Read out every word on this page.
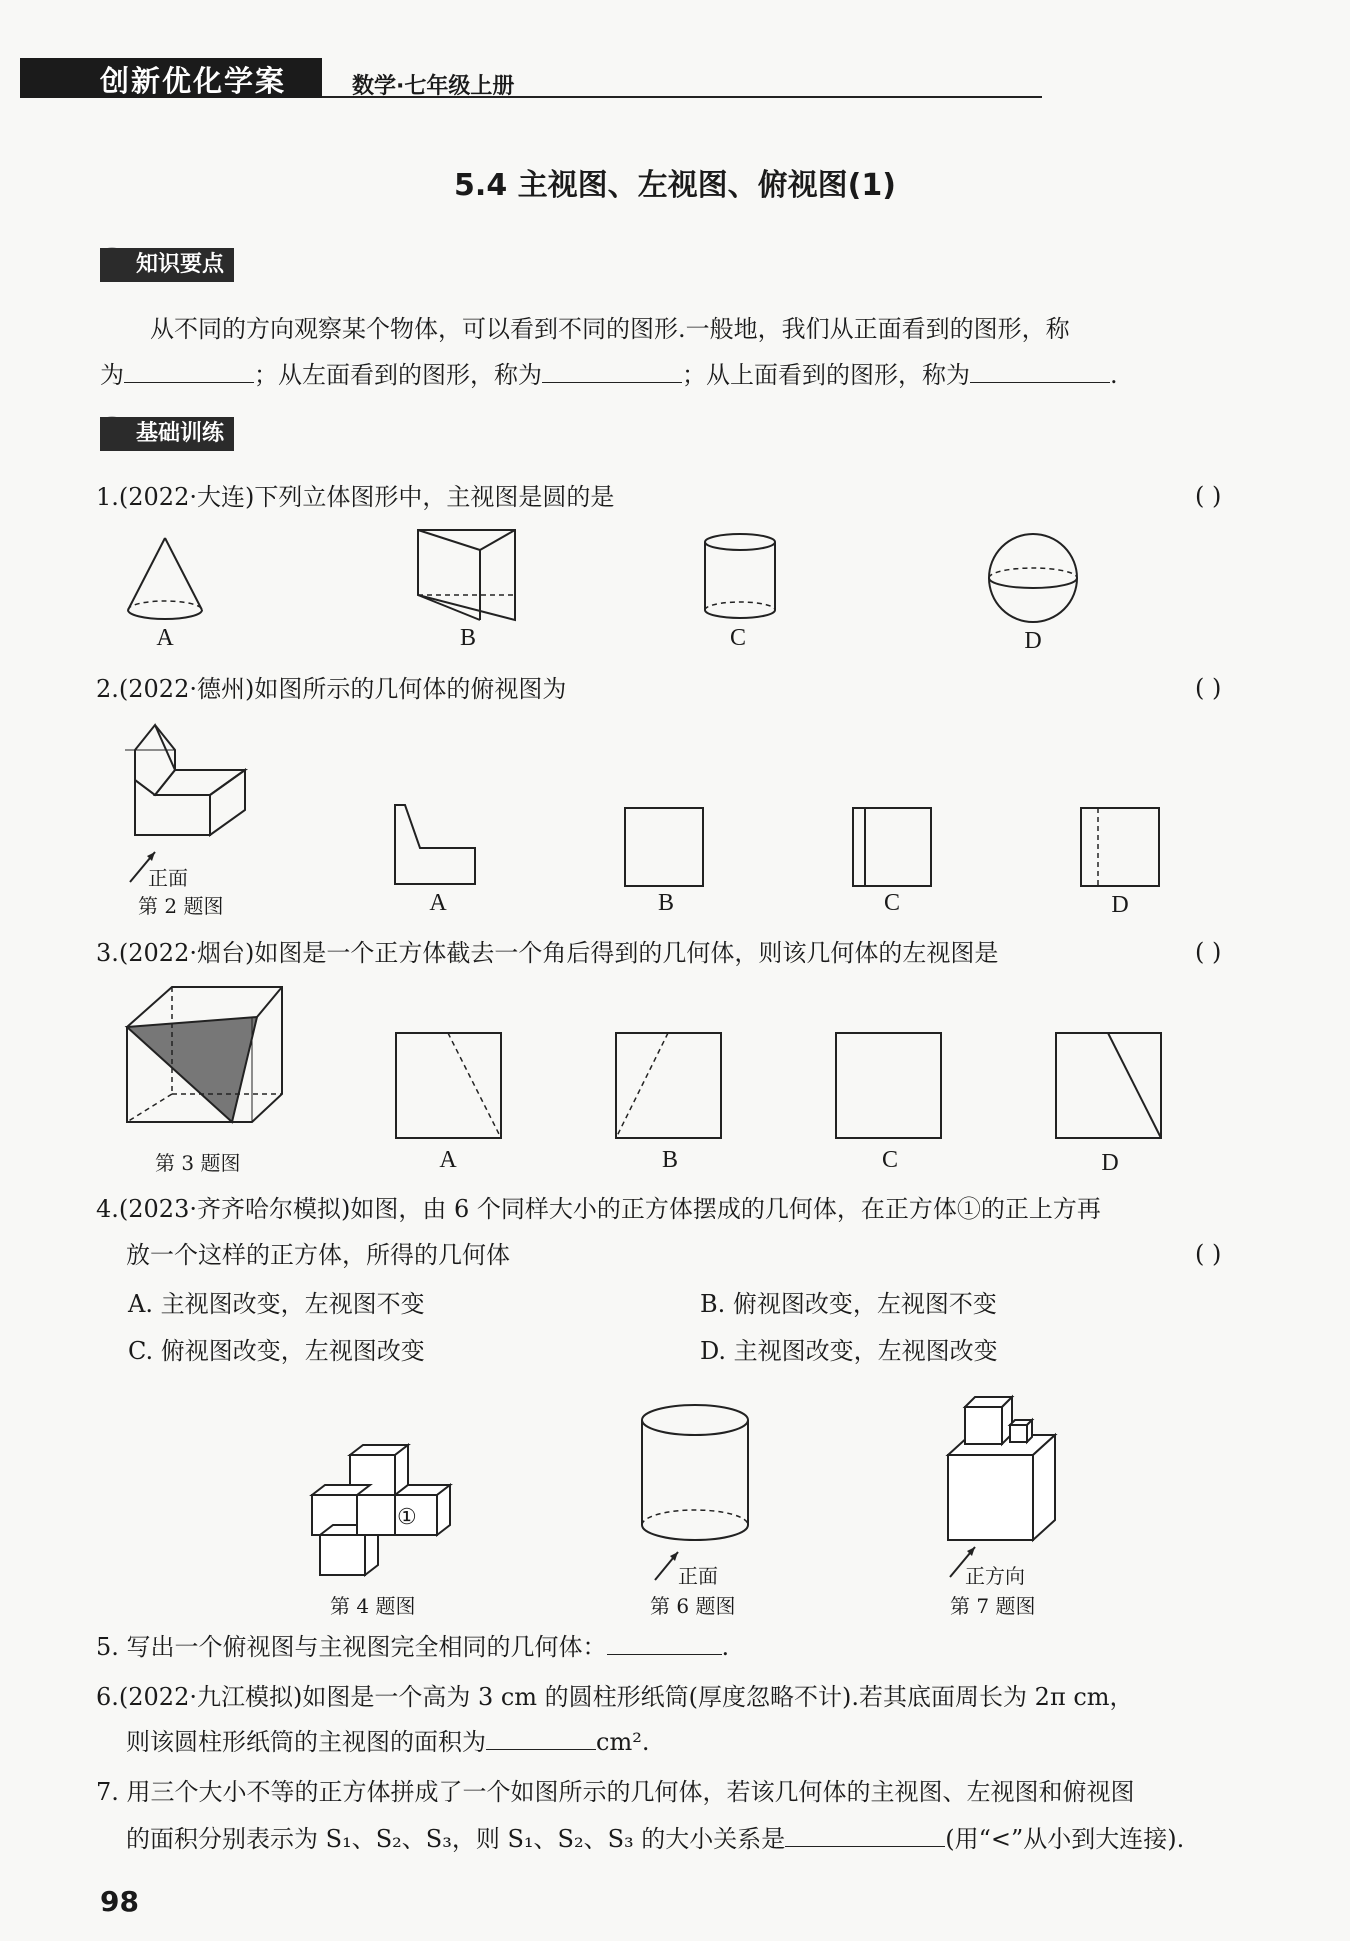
创新优化学案	数学·七年级上册
5.4 主视图、左视图、俯视图(1)
知识要点
从不同的方向观察某个物体，可以看到不同的图形.一般地，我们从正面看到的图形，称
为	；从左面看到的图形，称为	；从上面看到的图形，称为	.
基础训练
1.(2022·大连)下列立体图形中，主视图是圆的是	( )
A	B	C	D
2.(2022·德州)如图所示的几何体的俯视图为	( )
正面
第 2 题图	A	B	C	D
3.(2022·烟台)如图是一个正方体截去一个角后得到的几何体，则该几何体的左视图是	( )
第 3 题图	A	B	C	D
4.(2023·齐齐哈尔模拟)如图，由 6 个同样大小的正方体摆成的几何体，在正方体①的正上方再
放一个这样的正方体，所得的几何体	( )
A. 主视图改变，左视图不变	B. 俯视图改变，左视图不变
C. 俯视图改变，左视图改变	D. 主视图改变，左视图改变
①
第 4 题图
正面
第 6 题图
正方向
第 7 题图
5. 写出一个俯视图与主视图完全相同的几何体：	.
6.(2022·九江模拟)如图是一个高为 3 cm 的圆柱形纸筒(厚度忽略不计).若其底面周长为 2π cm，
则该圆柱形纸筒的主视图的面积为	cm².
7. 用三个大小不等的正方体拼成了一个如图所示的几何体，若该几何体的主视图、左视图和俯视图
的面积分别表示为 S₁、S₂、S₃，则 S₁、S₂、S₃ 的大小关系是	(用“<”从小到大连接).
98
